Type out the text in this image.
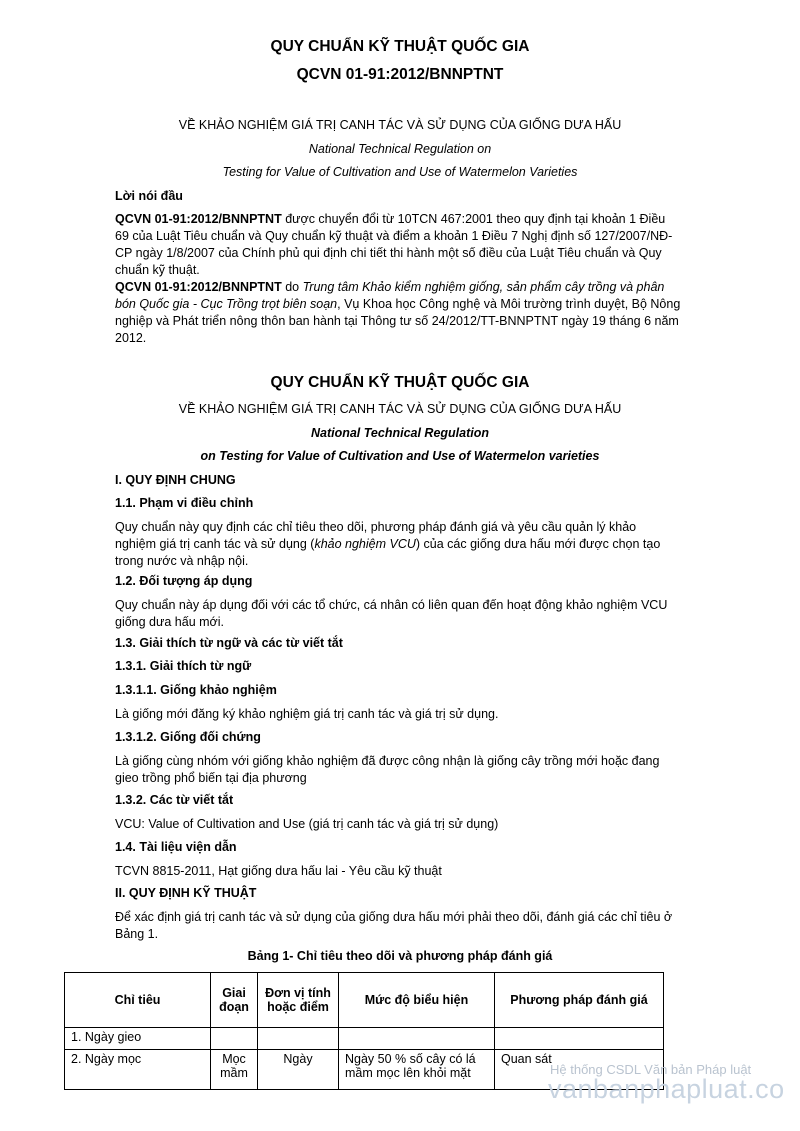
QUY CHUẨN KỸ THUẬT QUỐC GIA
QCVN 01-91:2012/BNNPTNT
VỀ KHẢO NGHIỆM GIÁ TRỊ CANH TÁC VÀ SỬ DỤNG CỦA GIỐNG DƯA HẤU
National Technical Regulation on
Testing for Value of Cultivation and Use of Watermelon Varieties
Lời nói đầu
QCVN 01-91:2012/BNNPTNT được chuyển đổi từ 10TCN 467:2001 theo quy định tại khoản 1 Điều
69 của Luật Tiêu chuẩn và Quy chuẩn kỹ thuật và điểm a khoản 1 Điều 7 Nghị định số 127/2007/NĐ-
CP ngày 1/8/2007 của Chính phủ qui định chi tiết thi hành một số điều của Luật Tiêu chuẩn và Quy
chuẩn kỹ thuật.
QCVN 01-91:2012/BNNPTNT do Trung tâm Khảo kiểm nghiệm giống, sản phẩm cây trồng và phân
bón Quốc gia - Cục Trồng trọt biên soạn, Vụ Khoa học Công nghệ và Môi trường trình duyệt, Bộ Nông
nghiệp và Phát triển nông thôn ban hành tại Thông tư số 24/2012/TT-BNNPTNT ngày 19 tháng 6 năm
2012.
QUY CHUẨN KỸ THUẬT QUỐC GIA
VỀ KHẢO NGHIỆM GIÁ TRỊ CANH TÁC VÀ SỬ DỤNG CỦA GIỐNG DƯA HẤU
National Technical Regulation
on Testing for Value of Cultivation and Use of Watermelon varieties
I. QUY ĐỊNH CHUNG
1.1. Phạm vi điều chỉnh
Quy chuẩn này quy định các chỉ tiêu theo dõi, phương pháp đánh giá và yêu cầu quản lý khảo
nghiệm giá trị canh tác và sử dụng (khảo nghiệm VCU) của các giống dưa hấu mới được chọn tạo
trong nước và nhập nội.
1.2. Đối tượng áp dụng
Quy chuẩn này áp dụng đối với các tổ chức, cá nhân có liên quan đến hoạt động khảo nghiệm VCU
giống dưa hấu mới.
1.3. Giải thích từ ngữ và các từ viết tắt
1.3.1. Giải thích từ ngữ
1.3.1.1. Giống khảo nghiệm
Là giống mới đăng ký khảo nghiệm giá trị canh tác và giá trị sử dụng.
1.3.1.2. Giống đối chứng
Là giống cùng nhóm với giống khảo nghiệm đã được công nhận là giống cây trồng mới hoặc đang
gieo trồng phổ biến tại địa phương
1.3.2. Các từ viết tắt
VCU: Value of Cultivation and Use (giá trị canh tác và giá trị sử dụng)
1.4. Tài liệu viện dẫn
TCVN 8815-2011, Hạt giống dưa hấu lai - Yêu cầu kỹ thuật
II. QUY ĐỊNH KỸ THUẬT
Để xác định giá trị canh tác và sử dụng của giống dưa hấu mới phải theo dõi, đánh giá các chỉ tiêu ở
Bảng 1.
Bảng 1- Chỉ tiêu theo dõi và phương pháp đánh giá
Chỉ tiêu	Giai đoạn	Đơn vị tính hoặc điểm	Mức độ biểu hiện	Phương pháp đánh giá
1. Ngày gieo				
2. Ngày mọc	Mọc mầm	Ngày	Ngày 50 % số cây có lá mầm mọc lên khỏi mặt	Quan sát
Hệ thống CSDL Văn bản Pháp luật
vanbanphapluat.co
